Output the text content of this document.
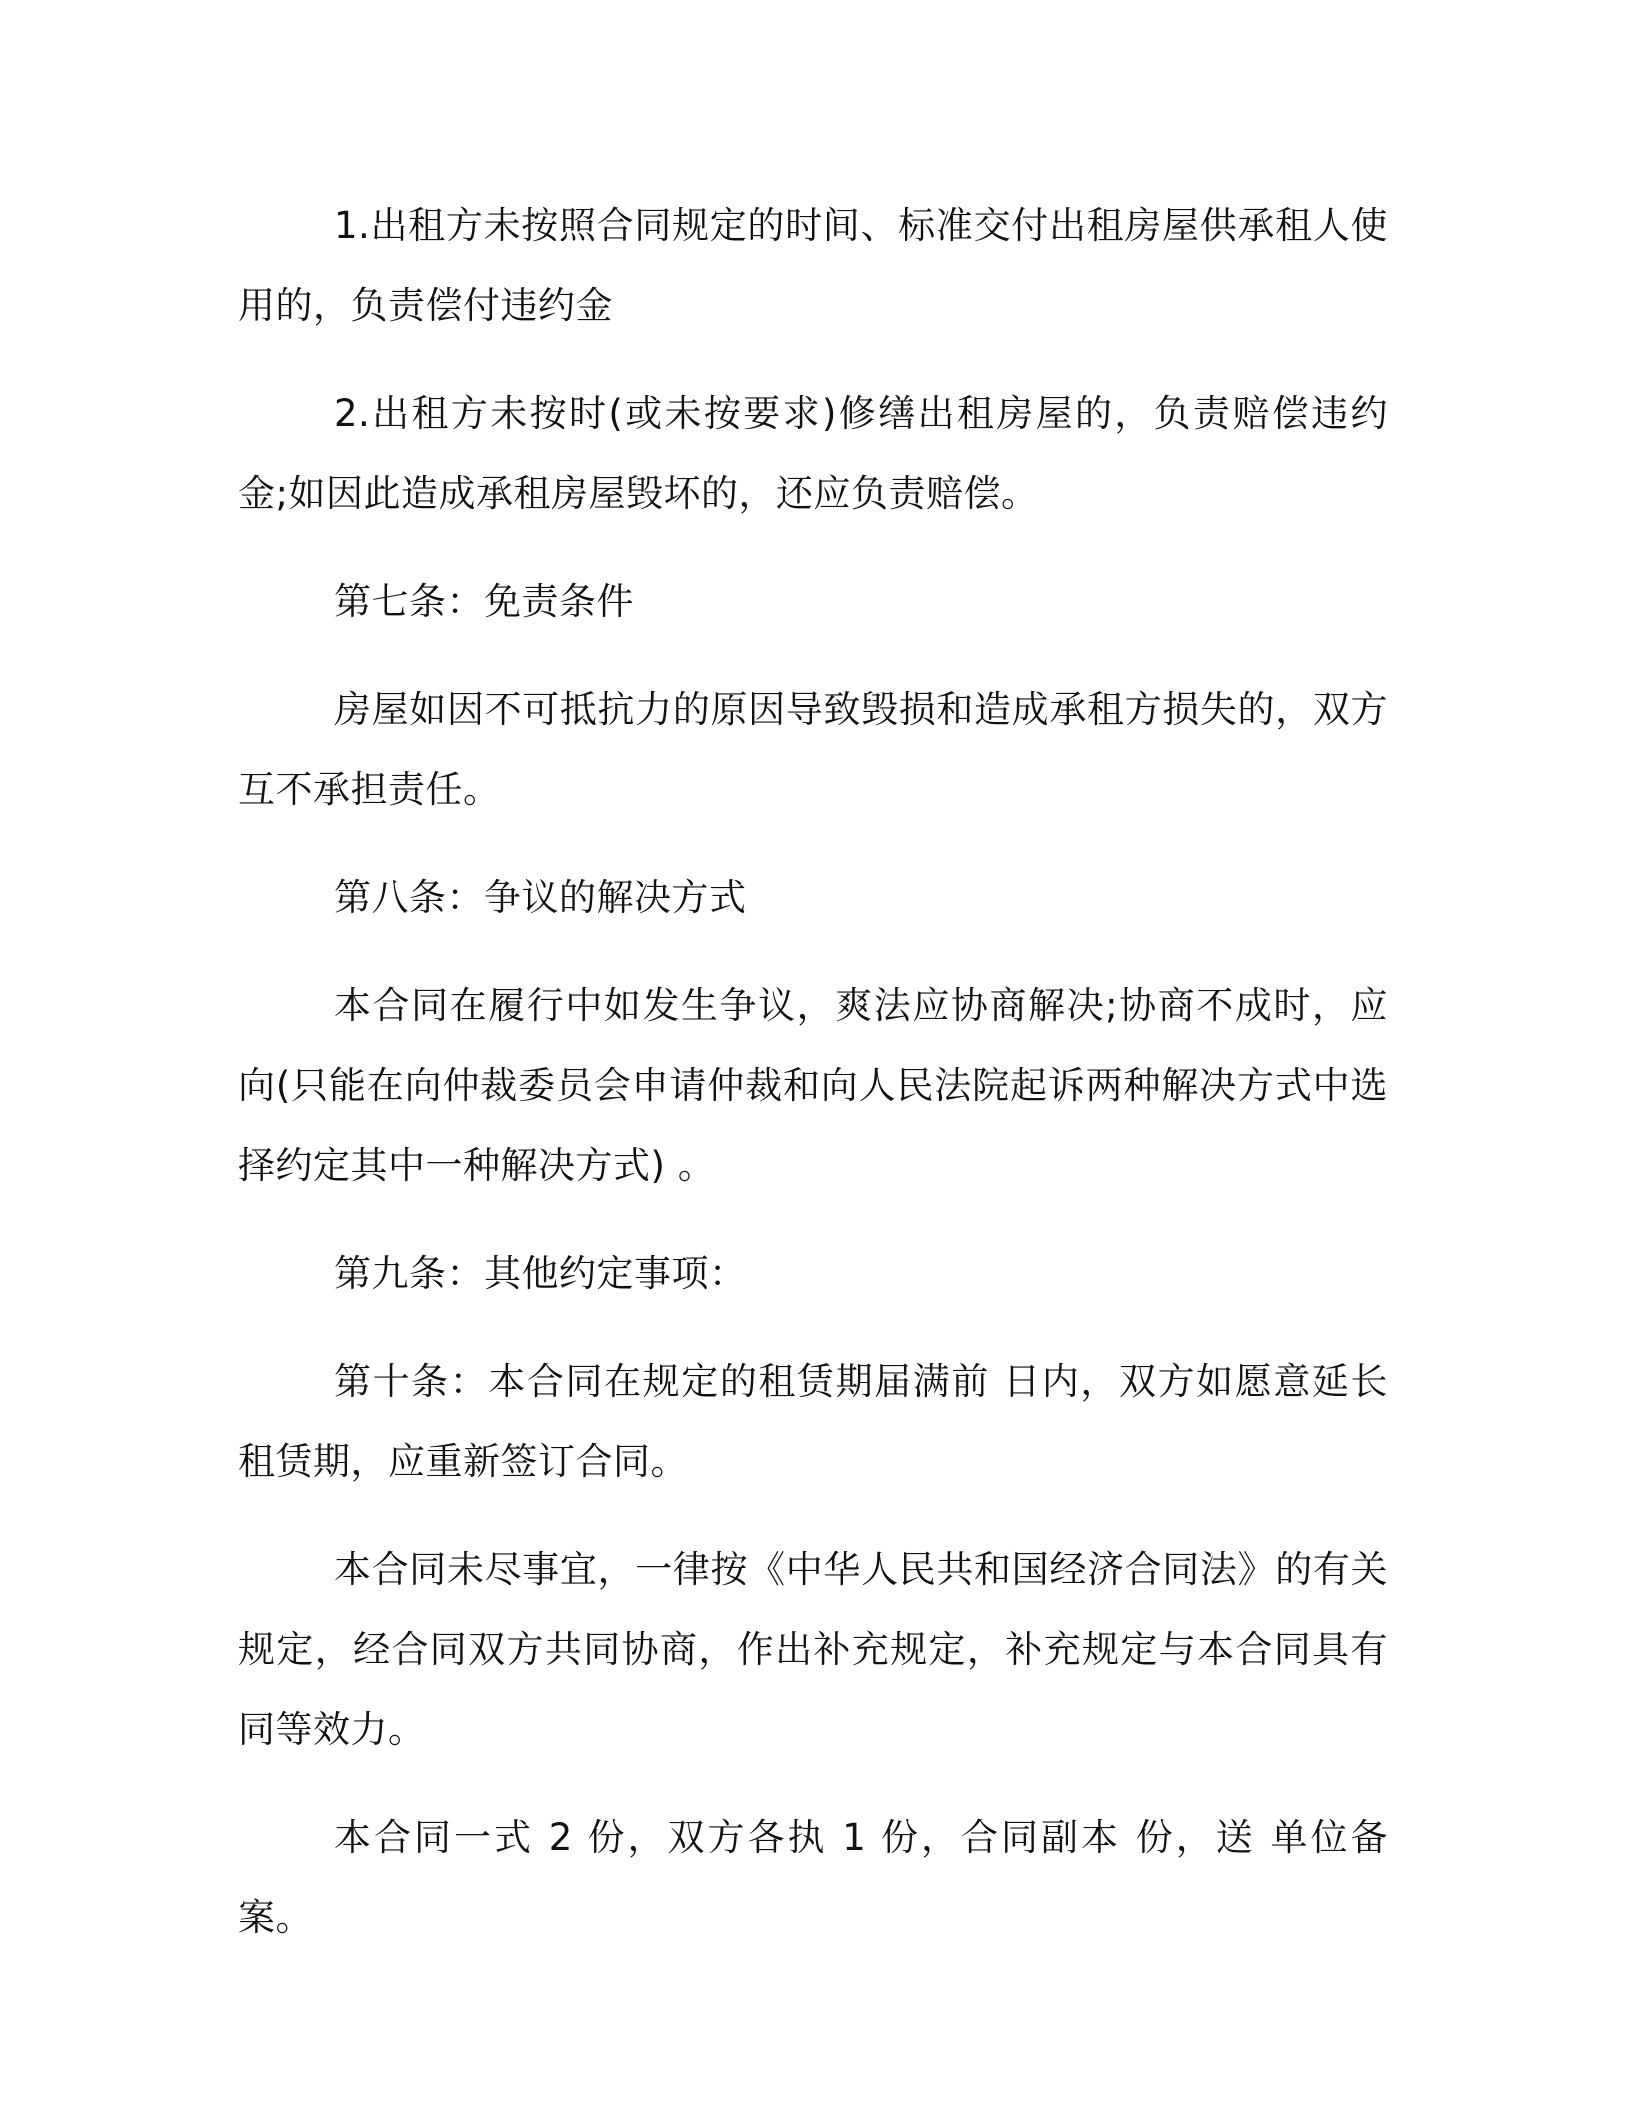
1.出租方未按照合同规定的时间、标准交付出租房屋供承租人使用的，负责偿付违约金

2.出租方未按时(或未按要求)修缮出租房屋的，负责赔偿违约金;如因此造成承租房屋毁坏的，还应负责赔偿。

第七条：免责条件

房屋如因不可抵抗力的原因导致毁损和造成承租方损失的，双方互不承担责任。

第八条：争议的解决方式

本合同在履行中如发生争议，爽法应协商解决;协商不成时，应向(只能在向仲裁委员会申请仲裁和向人民法院起诉两种解决方式中选择约定其中一种解决方式) 。

第九条：其他约定事项：

第十条：本合同在规定的租赁期届满前 日内，双方如愿意延长租赁期，应重新签订合同。

本合同未尽事宜，一律按《中华人民共和国经济合同法》的有关规定，经合同双方共同协商，作出补充规定，补充规定与本合同具有同等效力。

本合同一式 2 份，双方各执 1 份，合同副本 份，送 单位备案。
